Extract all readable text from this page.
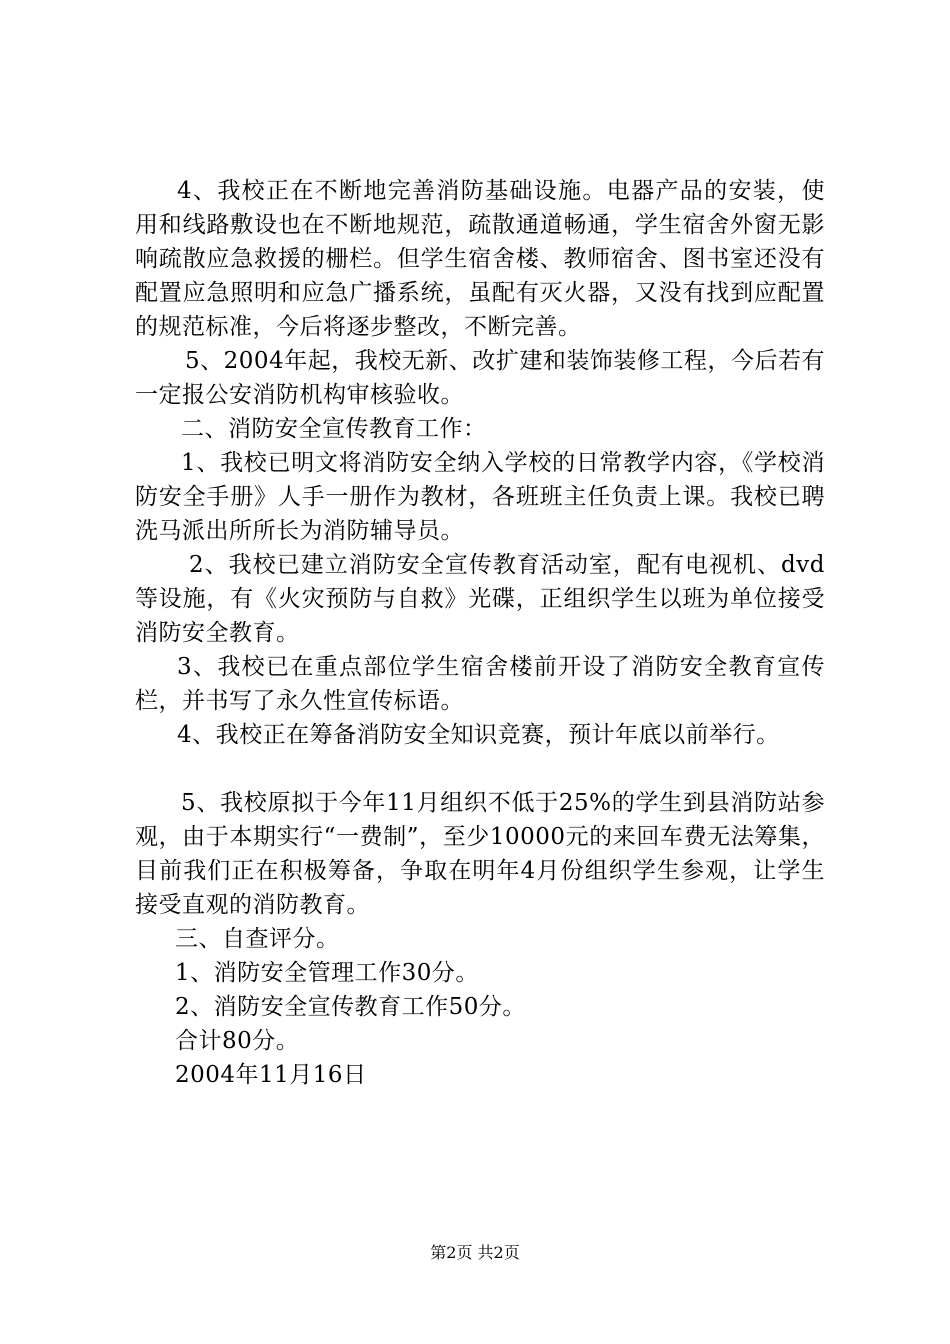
4、我校正在不断地完善消防基础设施。电器产品的安装，使用和线路敷设也在不断地规范，疏散通道畅通，学生宿舍外窗无影响疏散应急救援的栅栏。但学生宿舍楼、教师宿舍、图书室还没有配置应急照明和应急广播系统，虽配有灭火器，又没有找到应配置的规范标准，今后将逐步整改，不断完善。

5、2004年起，我校无新、改扩建和装饰装修工程，今后若有一定报公安消防机构审核验收。

二、消防安全宣传教育工作：

1、我校已明文将消防安全纳入学校的日常教学内容，《学校消防安全手册》人手一册作为教材，各班班主任负责上课。我校已聘洗马派出所所长为消防辅导员。

2、我校已建立消防安全宣传教育活动室，配有电视机、dvd等设施，有《火灾预防与自救》光碟，正组织学生以班为单位接受消防安全教育。

3、我校已在重点部位学生宿舍楼前开设了消防安全教育宣传栏，并书写了永久性宣传标语。

4、我校正在筹备消防安全知识竞赛，预计年底以前举行。

5、我校原拟于今年11月组织不低于25%的学生到县消防站参观，由于本期实行“一费制”，至少10000元的来回车费无法筹集，目前我们正在积极筹备，争取在明年4月份组织学生参观，让学生接受直观的消防教育。

三、自查评分。

1、消防安全管理工作30分。

2、消防安全宣传教育工作50分。

合计80分。

2004年11月16日

第2页 共2页
